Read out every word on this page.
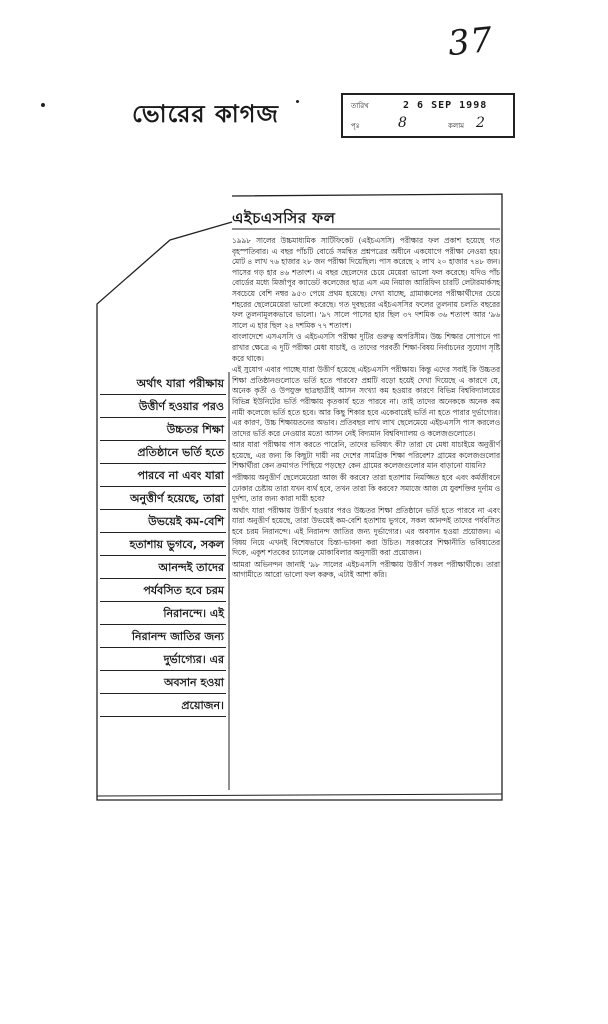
37
ভোরের কাগজ	তারিখ	2 6 SEP 1998
পৃঃ	8	কলাম 2
এইচএসসির ফল

১৯৯৮ সালের উচ্চমাধ্যমিক সার্টিফিকেট (এইচএসসি) পরীক্ষার ফল প্রকাশ হয়েছে গত বৃহস্পতিবার। এ বছর পাঁচটি বোর্ডে সমন্বিত প্রশ্নপত্রের অধীনে একযোগে পরীক্ষা নেওয়া হয়। মোট ৪ লাখ ৭৬ হাজার ২৮ জন পরীক্ষা দিয়েছিল। পাস করেছে ২ লাখ ২০ হাজার ৭৪৮ জন। পাসের গড় হার ৪৬ শতাংশ। এ বছর ছেলেদের চেয়ে মেয়েরা ভালো ফল করেছে। যদিও পাঁচ বোর্ডের মধ্যে মির্জাপুর ক্যাডেট কলেজের ছাত্র এস এম নিয়াজ আরিফিন চারটি লেটারমার্কসহ সবচেয়ে বেশি নম্বর ৯৫৩ পেয়ে প্রথম হয়েছে। দেখা যাচ্ছে, গ্রামাঞ্চলের পরীক্ষার্থীদের চেয়ে শহরের ছেলেমেয়েরা ভালো করেছে। গত দুবছরের এইচএসসির ফলের তুলনায় চলতি বছরের ফল তুলনামূলকভাবে ভালো। '৯৭ সালে পাসের হার ছিল ৩৭ দশমিক ৩৬ শতাংশ আর '৯৬ সালে এ হার ছিল ২৪ দশমিক ৭৭ শতাংশ।

বাংলাদেশে এসএসসি ও এইচএসসি পরীক্ষা দুটির গুরুত্ব অপরিসীম। উচ্চ শিক্ষার সোপানে পা রাখার ক্ষেত্রে এ দুটি পরীক্ষা মেধা যাচাই, ও তাদের পরবর্তী শিক্ষা-বিষয় নির্বাচনের সুযোগ সৃষ্টি করে থাকে।

এই সুযোগ এবার পাচ্ছে যারা উত্তীর্ণ হয়েছে এইচএসসি পরীক্ষায়। কিন্তু এদের সবাই কি উচ্চতর শিক্ষা প্রতিষ্ঠানগুলোতে ভর্তি হতে পারবে? প্রশ্নটি বড়ো হয়েই দেখা দিয়েছে এ কারণে যে, অনেক কৃতী ও উপযুক্ত ছাত্রছাত্রীই আসন সংখ্যা কম হওয়ার কারণে বিভিন্ন বিশ্ববিদ্যালয়ের বিভিন্ন ইউনিটের ভর্তি পরীক্ষায় কৃতকার্য হতে পারবে না। তাই তাদের অনেককে অনেক কম নামী কলেজে ভর্তি হতে হবে। আর কিছু শিকার হবে একেবারেই ভর্তি না হতে পারার দুর্ভাগ্যের। এর কারণ, উচ্চ শিক্ষায়তনের অভাব। প্রতিবছর লাখ লাখ ছেলেমেয়ে এইচএসসি পাস করলেও তাদের ভর্তি করে নেওয়ার মতো আসন নেই বিদ্যমান বিশ্ববিদ্যালয় ও কলেজগুলোতে।

আর যারা পরীক্ষায় পাস করতে পারেনি, তাদের ভবিষ্যৎ কী? তারা যে মেধা যাচাইয়ে অনুত্তীর্ণ হয়েছে, এর জন্য কি কিছুটা দায়ী নয় দেশের সামগ্রিক শিক্ষা পরিবেশ? গ্রামের কলেজগুলোর শিক্ষার্থীরা কেন ক্রমাগত পিছিয়ে পড়ছে? কেন গ্রামের কলেজগুলোর মান বাড়ানো যায়নি?

পরীক্ষায় অনুত্তীর্ণ ছেলেমেয়েরা আজ কী করবে? তারা হতাশায় নিমজ্জিত হবে এবং কর্মজীবনে ঢোকার চেষ্টায় তারা যখন ব্যর্থ হবে, তখন তারা কি করবে? সমাজে আজ যে যুবশক্তির দুর্নাম ও দুর্দশা, তার জন্য কারা দায়ী হবে?

অর্থাৎ যারা পরীক্ষায় উত্তীর্ণ হওয়ার পরও উচ্চতর শিক্ষা প্রতিষ্ঠানে ভর্তি হতে পারবে না এবং যারা অনুত্তীর্ণ হয়েছে, তারা উভয়েই কম-বেশি হতাশায় ভুগবে, সকল আনন্দই তাদের পর্যবসিত হবে চরম নিরানন্দে। এই নিরানন্দ জাতির জন্য দুর্ভাগ্যের। এর অবসান হওয়া প্রয়োজন। এ বিষয় নিয়ে এখনই বিশেষভাবে চিন্তা-ভাবনা করা উচিত। সরকারের শিক্ষানীতি ভবিষ্যতের দিকে, একুশ শতকের চ্যালেঞ্জ মোকাবিলার অনুসারী করা প্রয়োজন।

আমরা অভিনন্দন জানাই '৯৮ সালের এইচএসসি পরীক্ষায় উত্তীর্ণ সকল পরীক্ষার্থীকে। তারা আগামীতে আরো ভালো ফল করুক, এটাই আশা করি।

অর্থাৎ যারা পরীক্ষায়
উত্তীর্ণ হওয়ার পরও
উচ্চতর শিক্ষা
প্রতিষ্ঠানে ভর্তি হতে
পারবে না এবং যারা
অনুত্তীর্ণ হয়েছে, তারা
উভয়েই কম-বেশি
হতাশায় ভুগবে, সকল
আনন্দই তাদের
পর্যবসিত হবে চরম
নিরানন্দে। এই
নিরানন্দ জাতির জন্য
দুর্ভাগ্যের। এর
অবসান হওয়া
প্রয়োজন।
